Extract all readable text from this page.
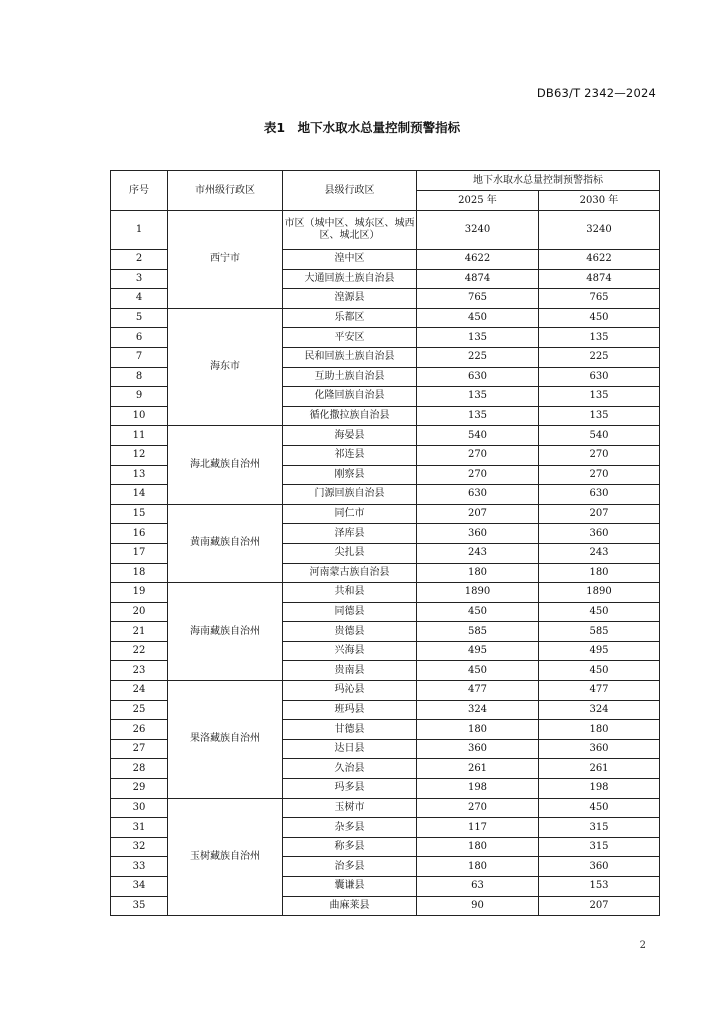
DB63/T 2342—2024
表1　地下水取水总量控制预警指标
序号	市州级行政区	县级行政区	地下水取水总量控制预警指标	
			2025 年	2030 年
1	西宁市	市区（城中区、城东区、城西区、城北区）	3240	3240
2		湟中区	4622	4622
3		大通回族土族自治县	4874	4874
4		湟源县	765	765
5	海东市	乐都区	450	450
6		平安区	135	135
7		民和回族土族自治县	225	225
8		互助土族自治县	630	630
9		化隆回族自治县	135	135
10		循化撒拉族自治县	135	135
11	海北藏族自治州	海晏县	540	540
12		祁连县	270	270
13		刚察县	270	270
14		门源回族自治县	630	630
15	黄南藏族自治州	同仁市	207	207
16		泽库县	360	360
17		尖扎县	243	243
18		河南蒙古族自治县	180	180
19	海南藏族自治州	共和县	1890	1890
20		同德县	450	450
21		贵德县	585	585
22		兴海县	495	495
23		贵南县	450	450
24	果洛藏族自治州	玛沁县	477	477
25		班玛县	324	324
26		甘德县	180	180
27		达日县	360	360
28		久治县	261	261
29		玛多县	198	198
30	玉树藏族自治州	玉树市	270	450
31		杂多县	117	315
32		称多县	180	315
33		治多县	180	360
34		囊谦县	63	153
35		曲麻莱县	90	207
2
